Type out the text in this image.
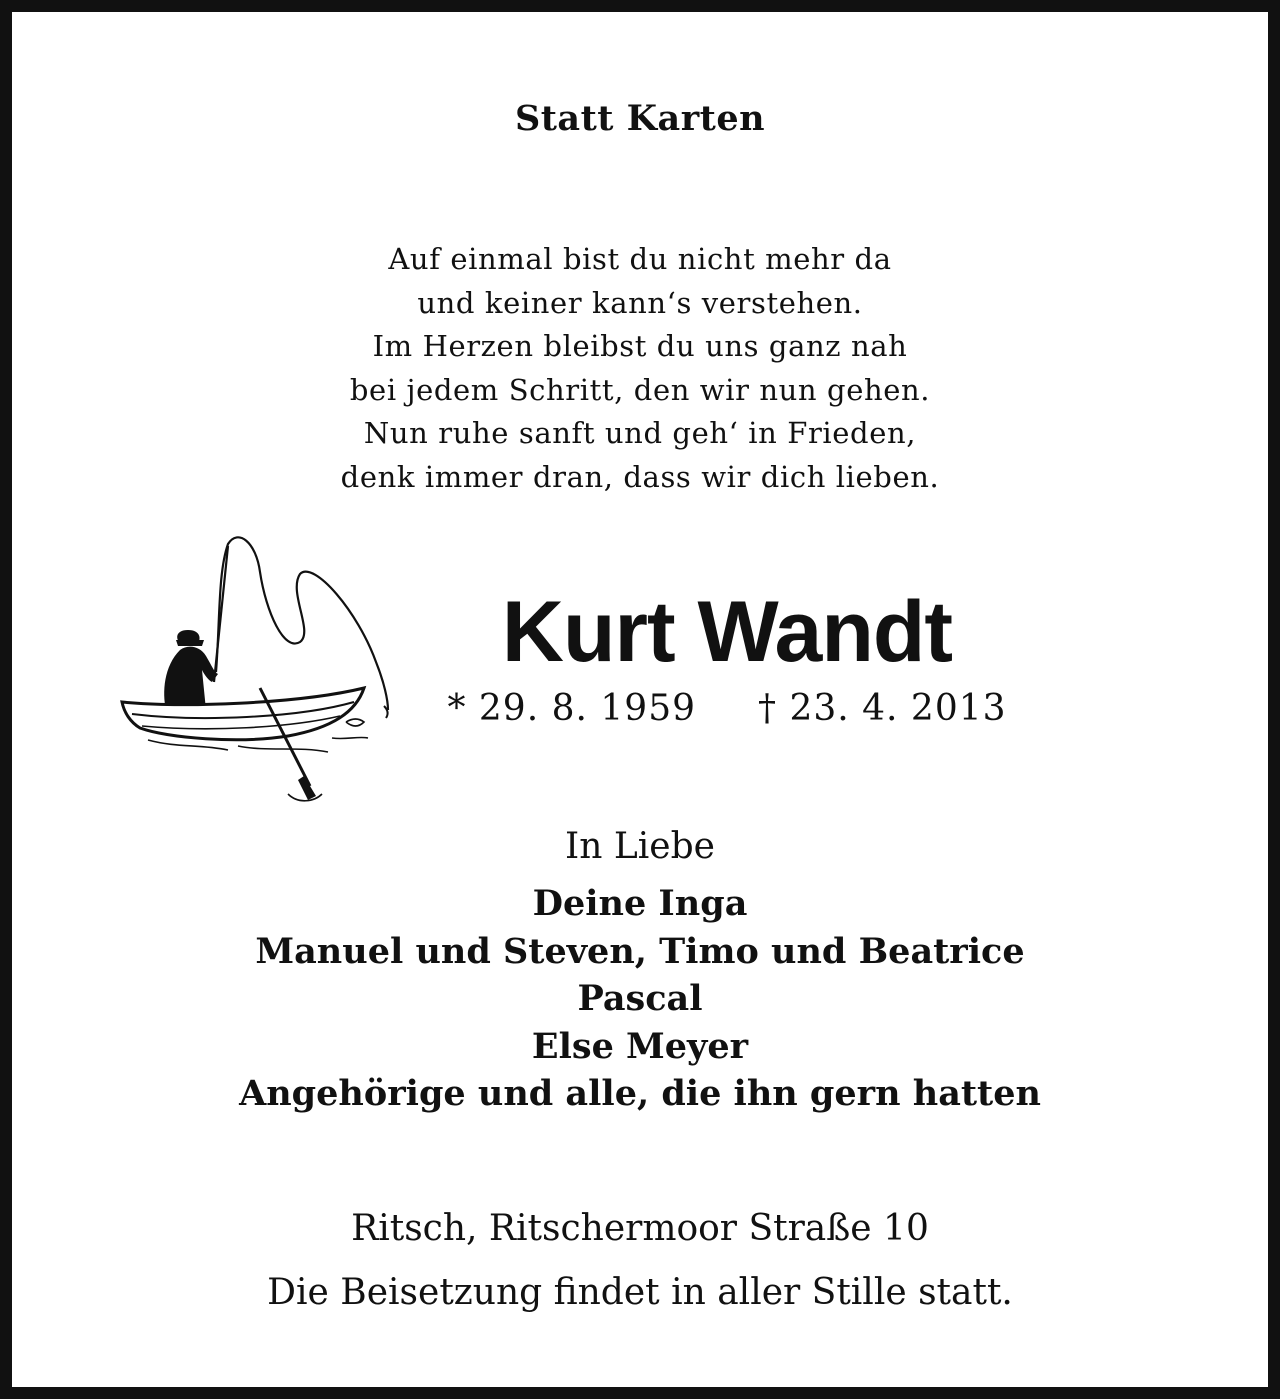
Statt Karten
Auf einmal bist du nicht mehr da
und keiner kann‘s verstehen.
Im Herzen bleibst du uns ganz nah
bei jedem Schritt, den wir nun gehen.
Nun ruhe sanft und geh‘ in Frieden,
denk immer dran, dass wir dich lieben.
Kurt Wandt
* 29. 8. 1959 † 23. 4. 2013
In Liebe
Deine Inga
Manuel und Steven, Timo und Beatrice
Pascal
Else Meyer
Angehörige und alle, die ihn gern hatten
Ritsch, Ritschermoor Straße 10
Die Beisetzung findet in aller Stille statt.
